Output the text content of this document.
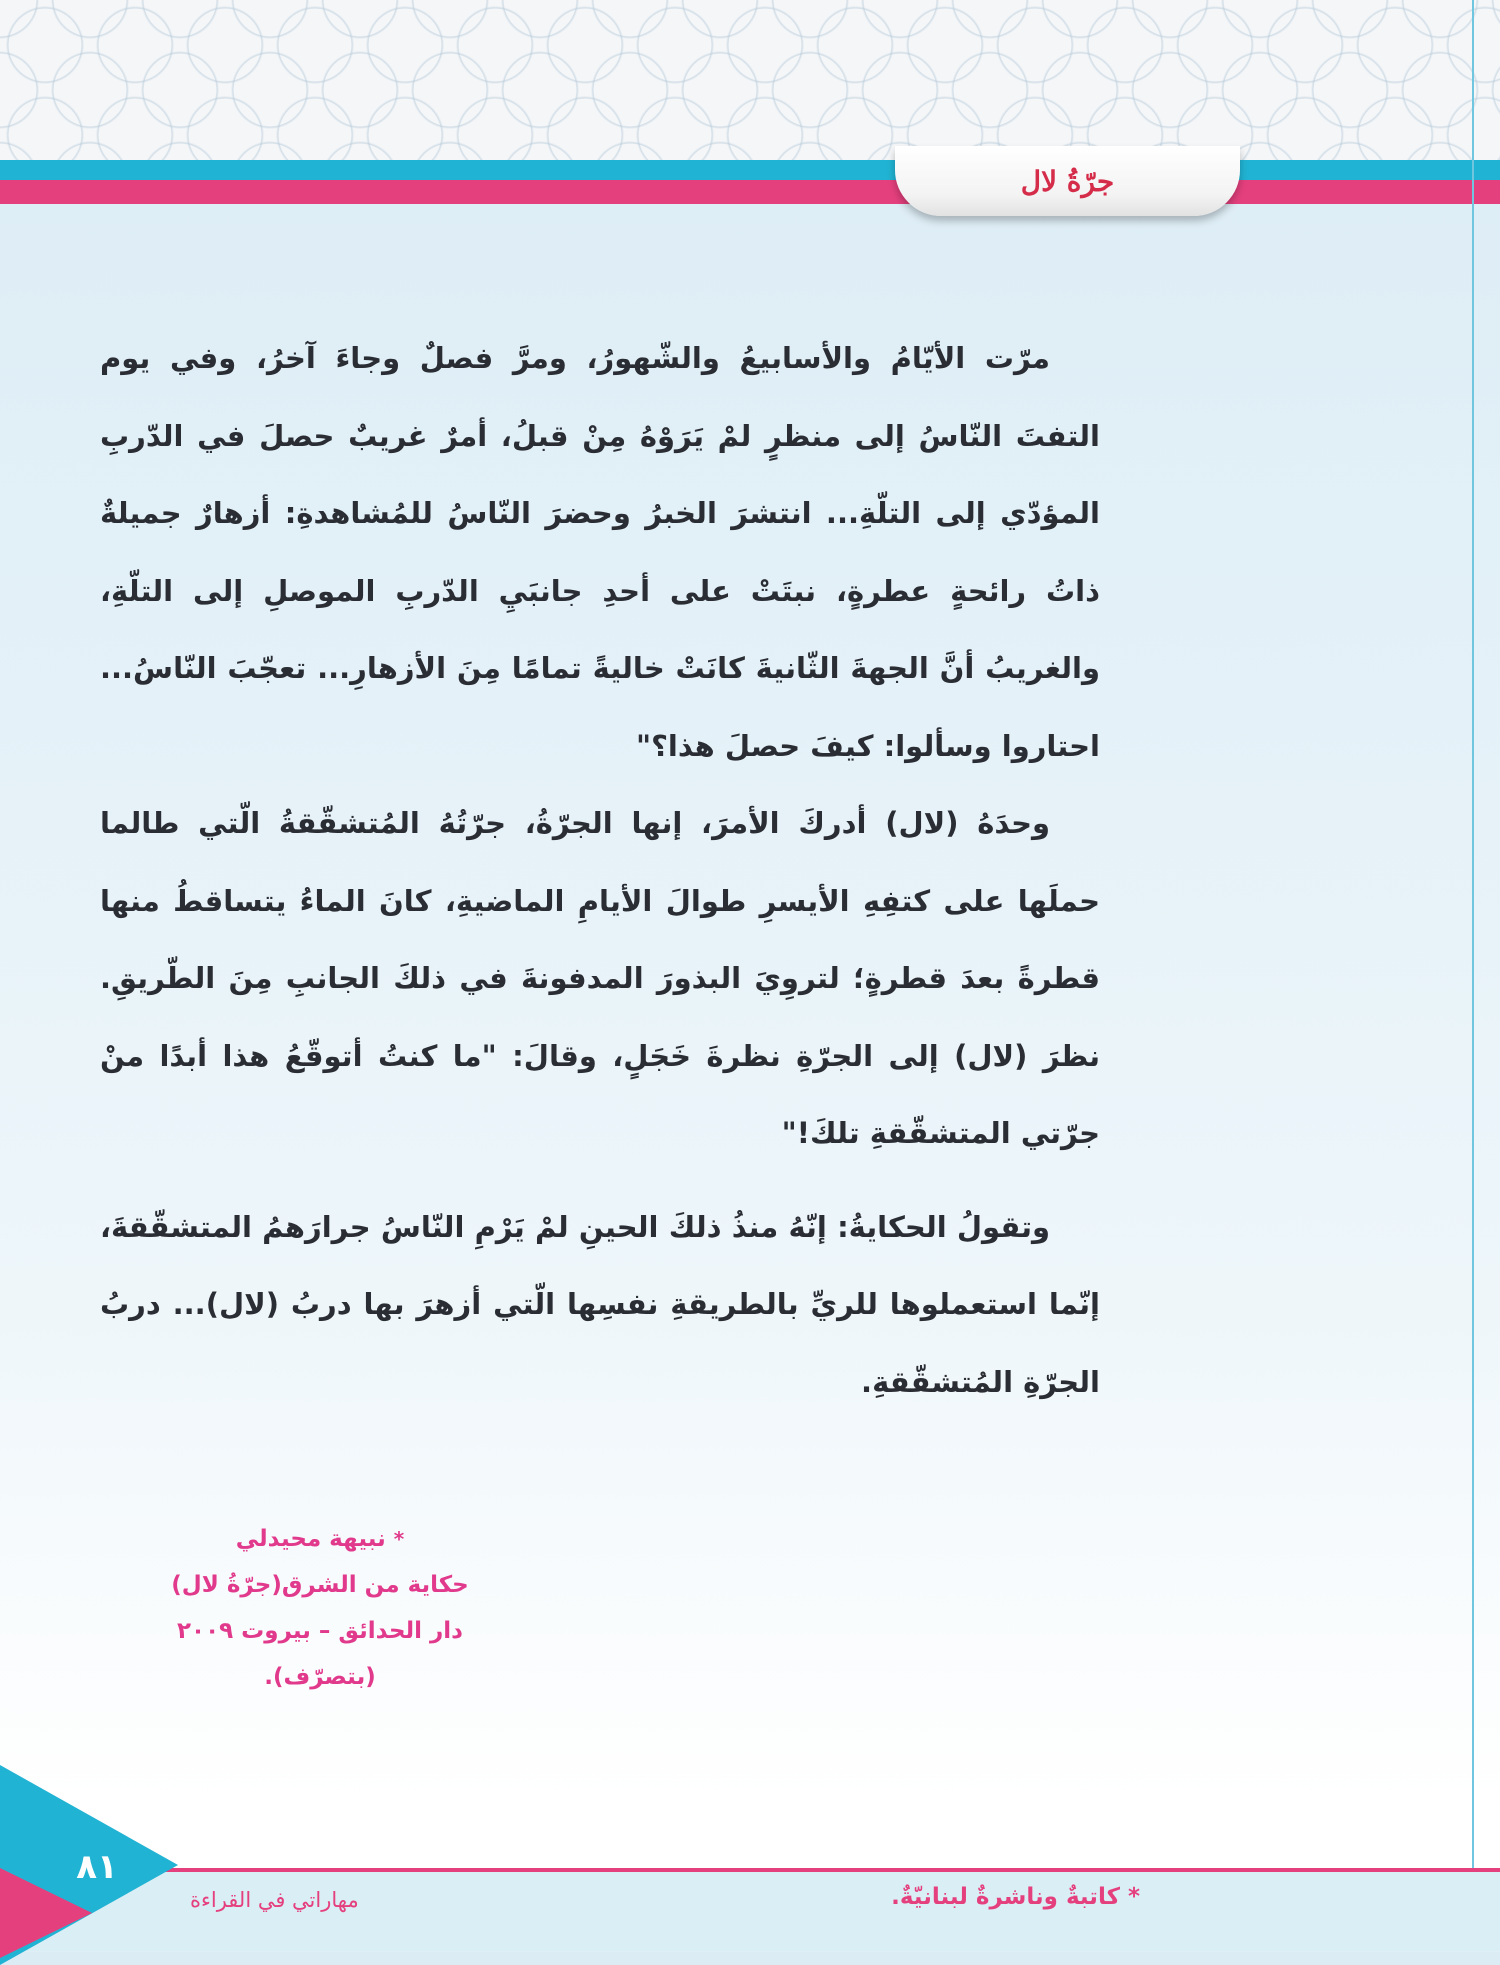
جرّةُ لال

مرّت الأيّامُ والأسابيعُ والشّهورُ، ومرَّ فصلٌ وجاءَ آخرُ، وفي يوم التفتَ النّاسُ إلى منظرٍ لمْ يَرَوْهُ مِنْ قبلُ، أمرٌ غريبٌ حصلَ في الدّربِ المؤدّي إلى التلّةِ... انتشرَ الخبرُ وحضرَ النّاسُ للمُشاهدةِ: أزهارٌ جميلةٌ ذاتُ رائحةٍ عطرةٍ، نبتَتْ على أحدِ جانبَيِ الدّربِ الموصلِ إلى التلّةِ، والغريبُ أنَّ الجهةَ الثّانيةَ كانَتْ خاليةً تمامًا مِنَ الأزهارِ... تعجّبَ النّاسُ... احتاروا وسألوا: كيفَ حصلَ هذا؟"

وحدَهُ (لال) أدركَ الأمرَ، إنها الجرّةُ، جرّتُهُ المُتشقّقةُ الّتي طالما حملَها على كتفِهِ الأيسرِ طوالَ الأيامِ الماضيةِ، كانَ الماءُ يتساقطُ منها قطرةً بعدَ قطرةٍ؛ لتروِيَ البذورَ المدفونةَ في ذلكَ الجانبِ مِنَ الطّريقِ. نظرَ (لال) إلى الجرّةِ نظرةَ خَجَلٍ، وقالَ: "ما كنتُ أتوقّعُ هذا أبدًا منْ جرّتي المتشقّقةِ تلكَ!"

وتقولُ الحكايةُ: إنّهُ منذُ ذلكَ الحينِ لمْ يَرْمِ النّاسُ جرارَهمُ المتشقّقةَ، إنّما استعملوها للريِّ بالطريقةِ نفسِها الّتي أزهرَ بها دربُ (لال)... دربُ الجرّةِ المُتشقّقةِ.

* نبيهة محيدلي
حكاية من الشرق(جرّةُ لال)
دار الحدائق – بيروت ٢٠٠٩
(بتصرّف).
٨١
مهاراتي في القراءة	* كاتبةٌ وناشرةٌ لبنانيّةٌ.
